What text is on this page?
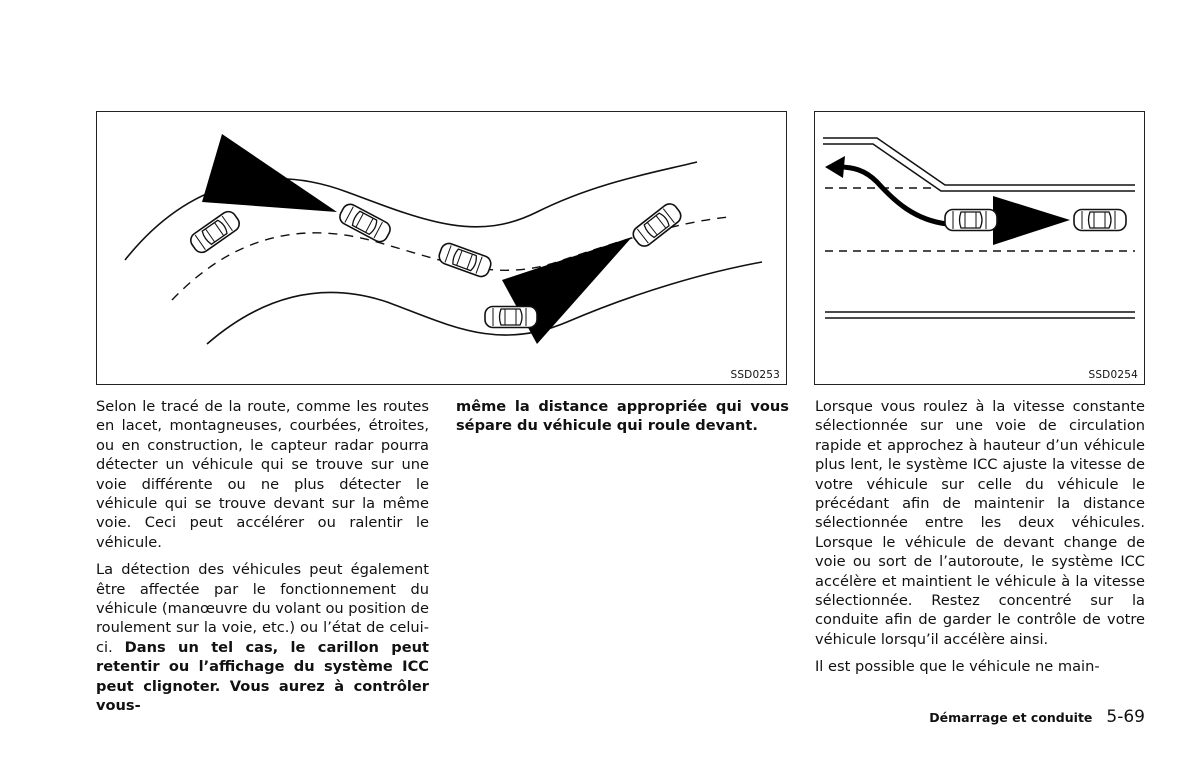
SSD0253	SSD0254

Selon le tracé de la route, comme les routes en lacet, montagneuses, courbées, étroites, ou en construction, le capteur radar pourra détecter un véhicule qui se trouve sur une voie différente ou ne plus détecter le véhicule qui se trouve devant sur la même voie. Ceci peut accélérer ou ralentir le véhicule.

La détection des véhicules peut également être affectée par le fonctionnement du véhicule (manœuvre du volant ou position de roulement sur la voie, etc.) ou l’état de celui-ci. Dans un tel cas, le carillon peut retentir ou l’affichage du système ICC peut clignoter. Vous aurez à contrôler vous-

même la distance appropriée qui vous sépare du véhicule qui roule devant.

Lorsque vous roulez à la vitesse constante sélectionnée sur une voie de circulation rapide et approchez à hauteur d’un véhicule plus lent, le système ICC ajuste la vitesse de votre véhicule sur celle du véhicule le précédant afin de maintenir la distance sélectionnée entre les deux véhicules. Lorsque le véhicule de devant change de voie ou sort de l’autoroute, le système ICC accélère et maintient le véhicule à la vitesse sélectionnée. Restez concentré sur la conduite afin de garder le contrôle de votre véhicule lorsqu’il accélère ainsi.

Il est possible que le véhicule ne main-

Démarrage et conduite 5-69
